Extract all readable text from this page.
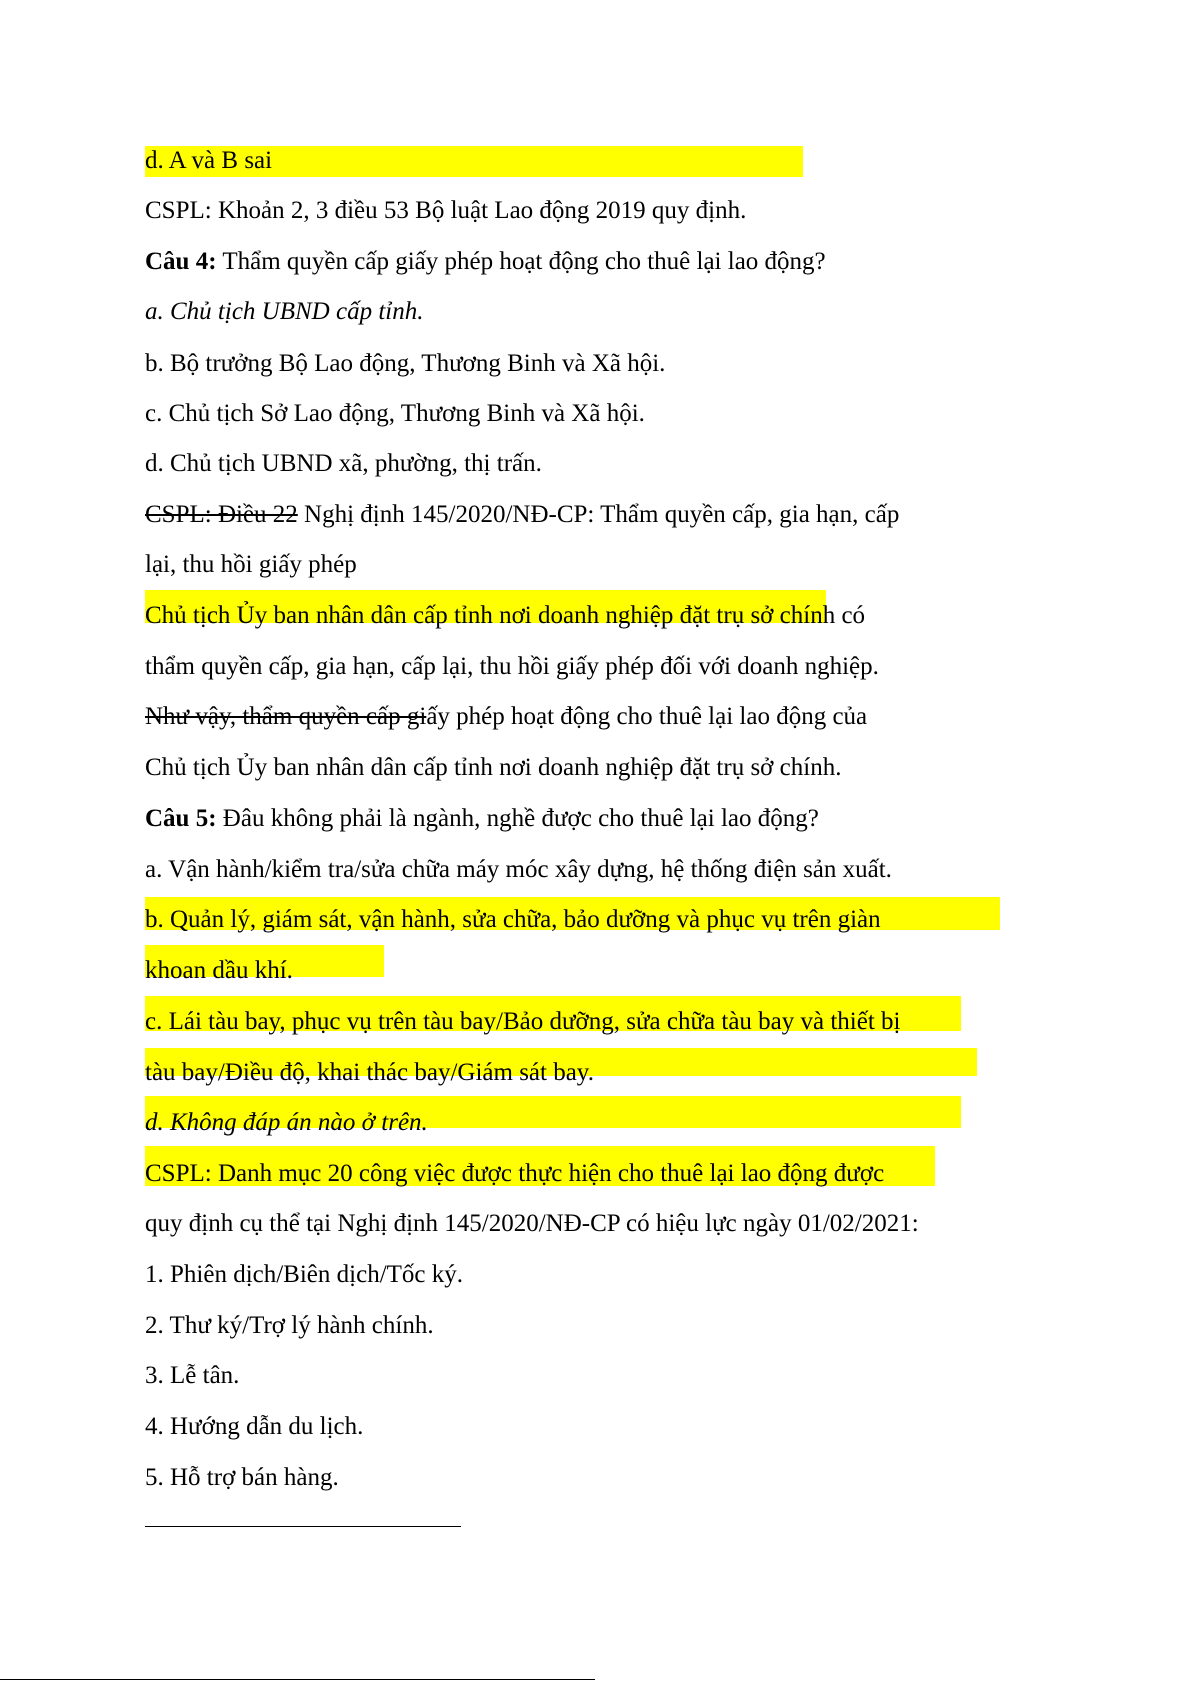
d. A và B sai
CSPL: Khoản 2, 3 điều 53 Bộ luật Lao động 2019 quy định.
Câu 4: Thẩm quyền cấp giấy phép hoạt động cho thuê lại lao động?
a. Chủ tịch UBND cấp tỉnh.
b. Bộ trưởng Bộ Lao động, Thương Binh và Xã hội.
c. Chủ tịch Sở Lao động, Thương Binh và Xã hội.
d. Chủ tịch UBND xã, phường, thị trấn.
CSPL: Điều 22 Nghị định 145/2020/NĐ-CP: Thẩm quyền cấp, gia hạn, cấp
lại, thu hồi giấy phép
Chủ tịch Ủy ban nhân dân cấp tỉnh nơi doanh nghiệp đặt trụ sở chính có
thẩm quyền cấp, gia hạn, cấp lại, thu hồi giấy phép đối với doanh nghiệp.
Như vậy, thẩm quyền cấp giấy phép hoạt động cho thuê lại lao động của
Chủ tịch Ủy ban nhân dân cấp tỉnh nơi doanh nghiệp đặt trụ sở chính.
Câu 5: Đâu không phải là ngành, nghề được cho thuê lại lao động?
a. Vận hành/kiểm tra/sửa chữa máy móc xây dựng, hệ thống điện sản xuất.
b. Quản lý, giám sát, vận hành, sửa chữa, bảo dưỡng và phục vụ trên giàn
khoan dầu khí.
c. Lái tàu bay, phục vụ trên tàu bay/Bảo dưỡng, sửa chữa tàu bay và thiết bị
tàu bay/Điều độ, khai thác bay/Giám sát bay.
d. Không đáp án nào ở trên.
CSPL: Danh mục 20 công việc được thực hiện cho thuê lại lao động được
quy định cụ thể tại Nghị định 145/2020/NĐ-CP có hiệu lực ngày 01/02/2021:
1. Phiên dịch/Biên dịch/Tốc ký.
2. Thư ký/Trợ lý hành chính.
3. Lễ tân.
4. Hướng dẫn du lịch.
5. Hỗ trợ bán hàng.
